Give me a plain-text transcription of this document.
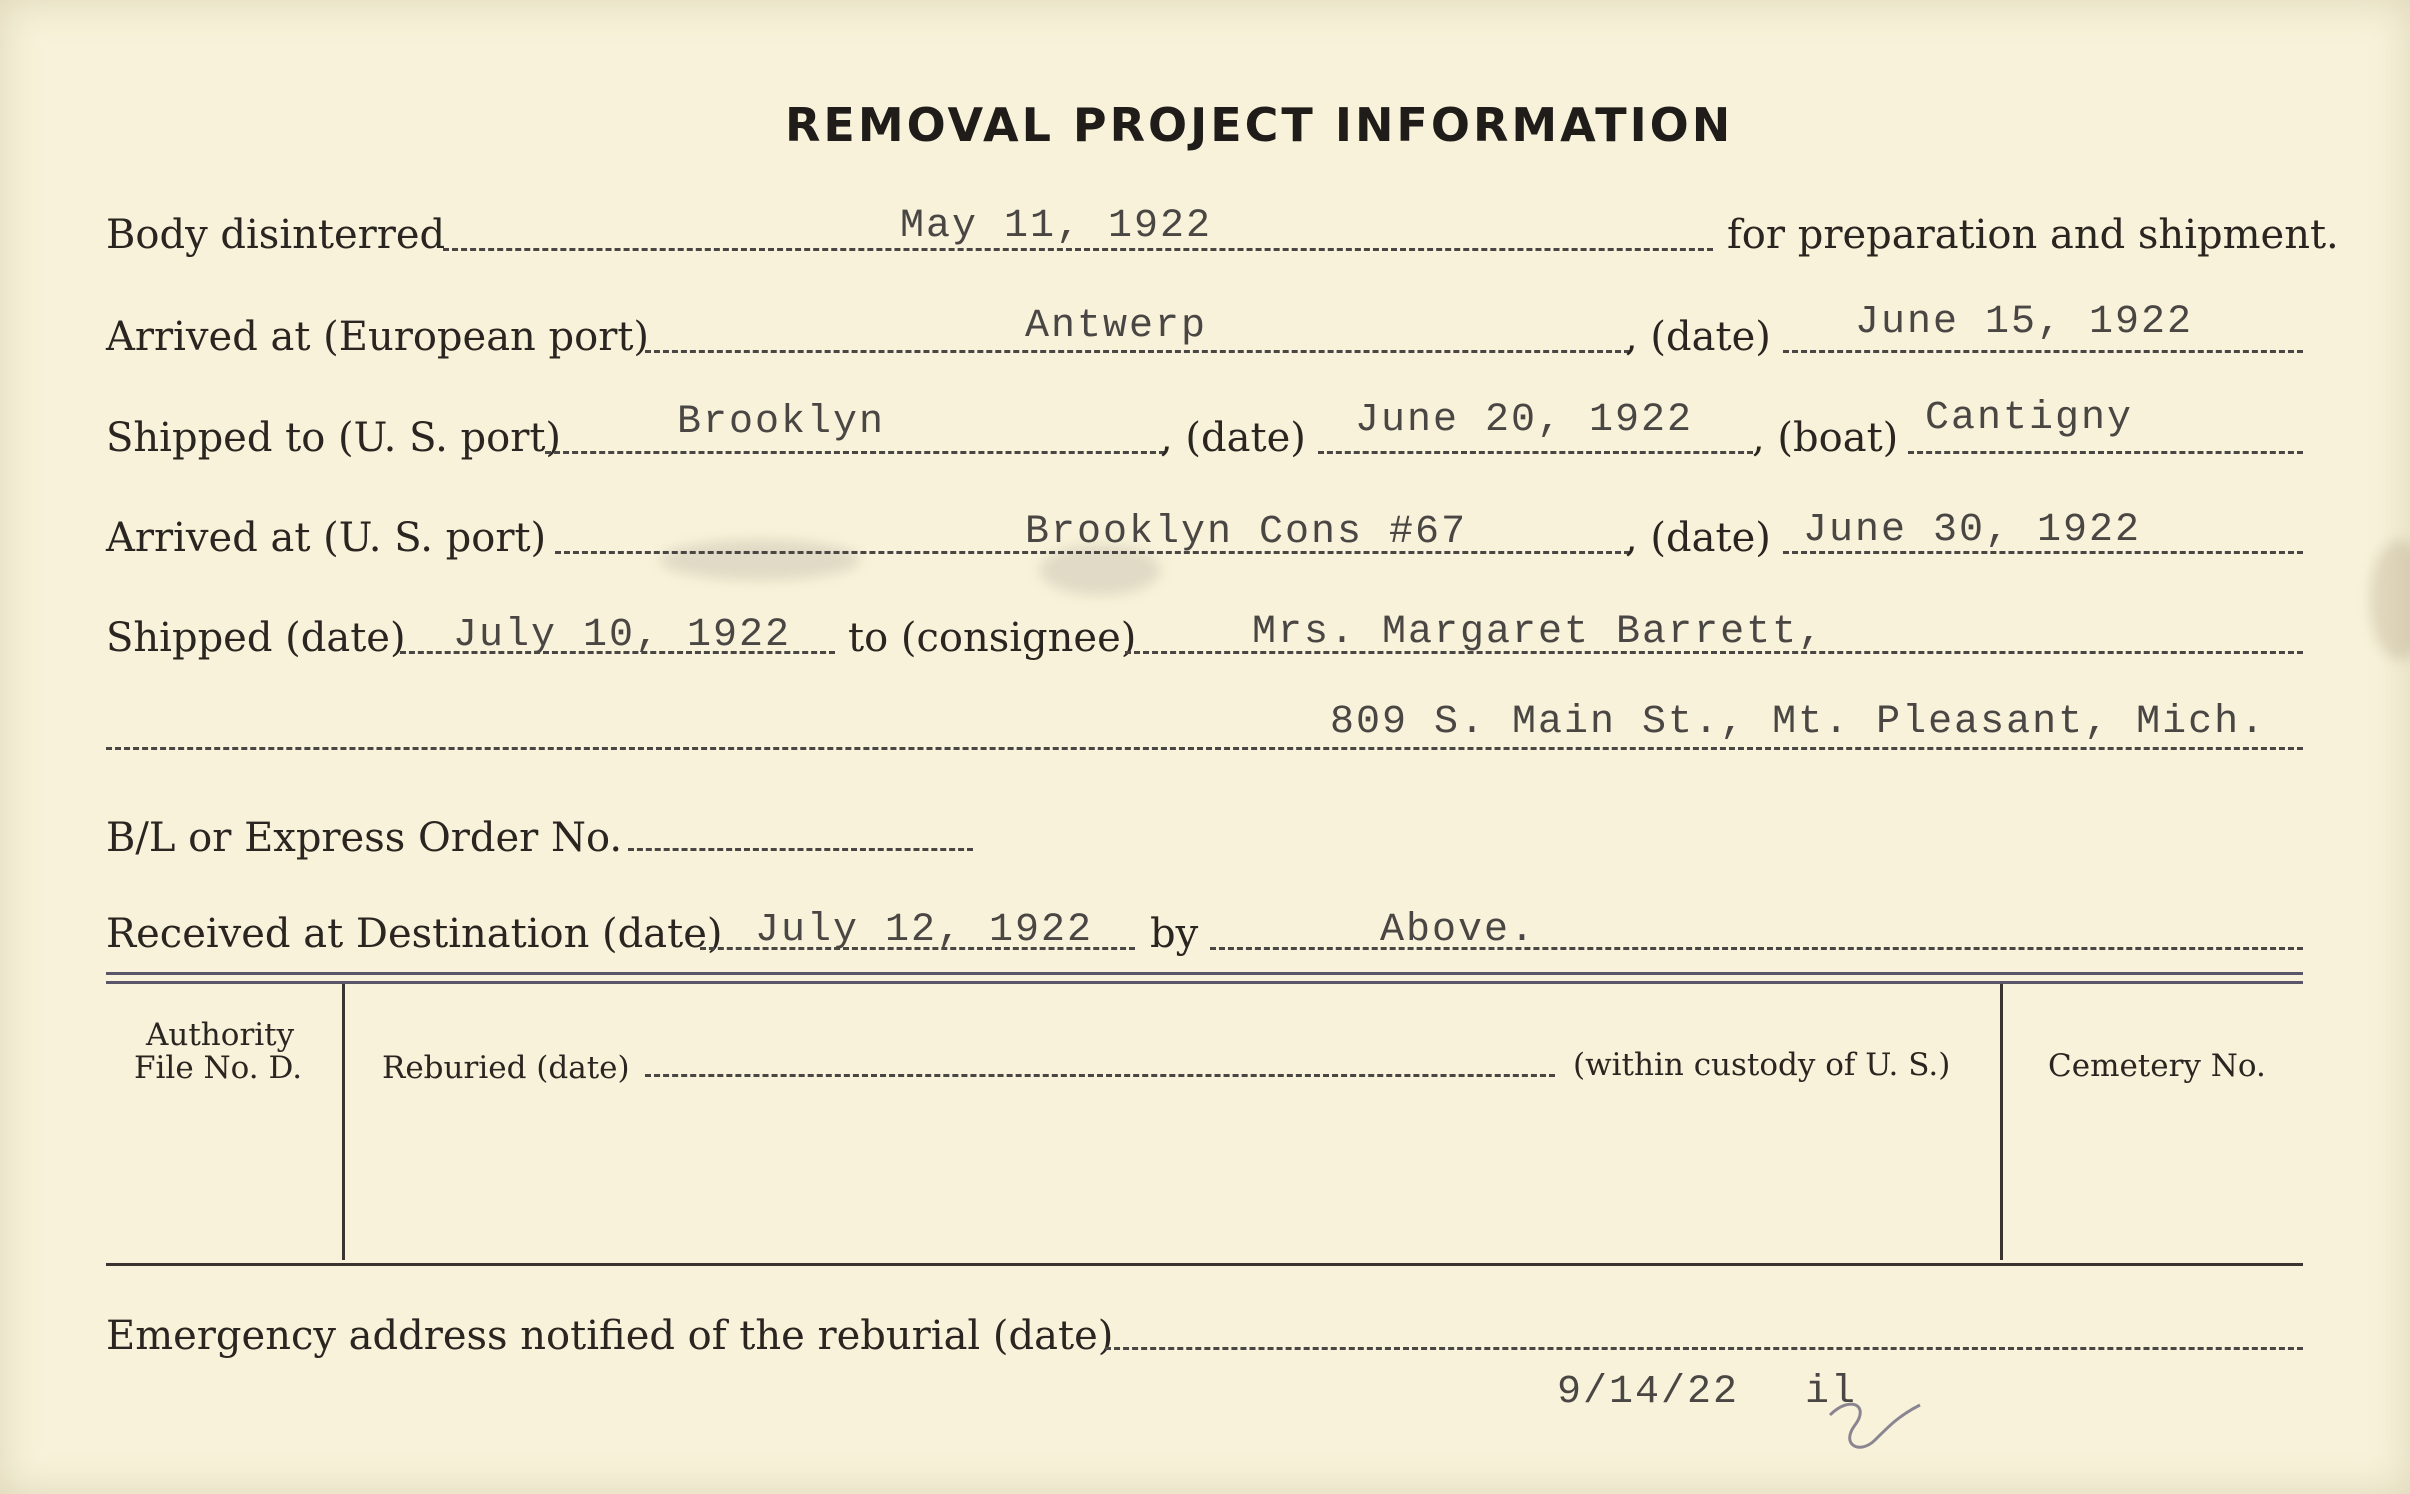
REMOVAL PROJECT INFORMATION
Body disinterred	May 11, 1922	for preparation and shipment.
Arrived at (European port)	Antwerp	, (date) June 15, 1922
Shipped to (U. S. port)	Brooklyn	, (date) June 20, 1922 , (boat) Cantigny
Arrived at (U. S. port)	Brooklyn Cons #67	, (date) June 30, 1922
Shipped (date) July 10, 1922 to (consignee)	Mrs. Margaret Barrett,
809 S. Main St., Mt. Pleasant, Mich.
B/L or Express Order No.
Received at Destination (date) July 12, 1922 by	Above.
Authority
File No. D.	Reburied (date)	(within custody of U. S.)	Cemetery No.
Emergency address notified of the reburial (date)
9/14/22 il
